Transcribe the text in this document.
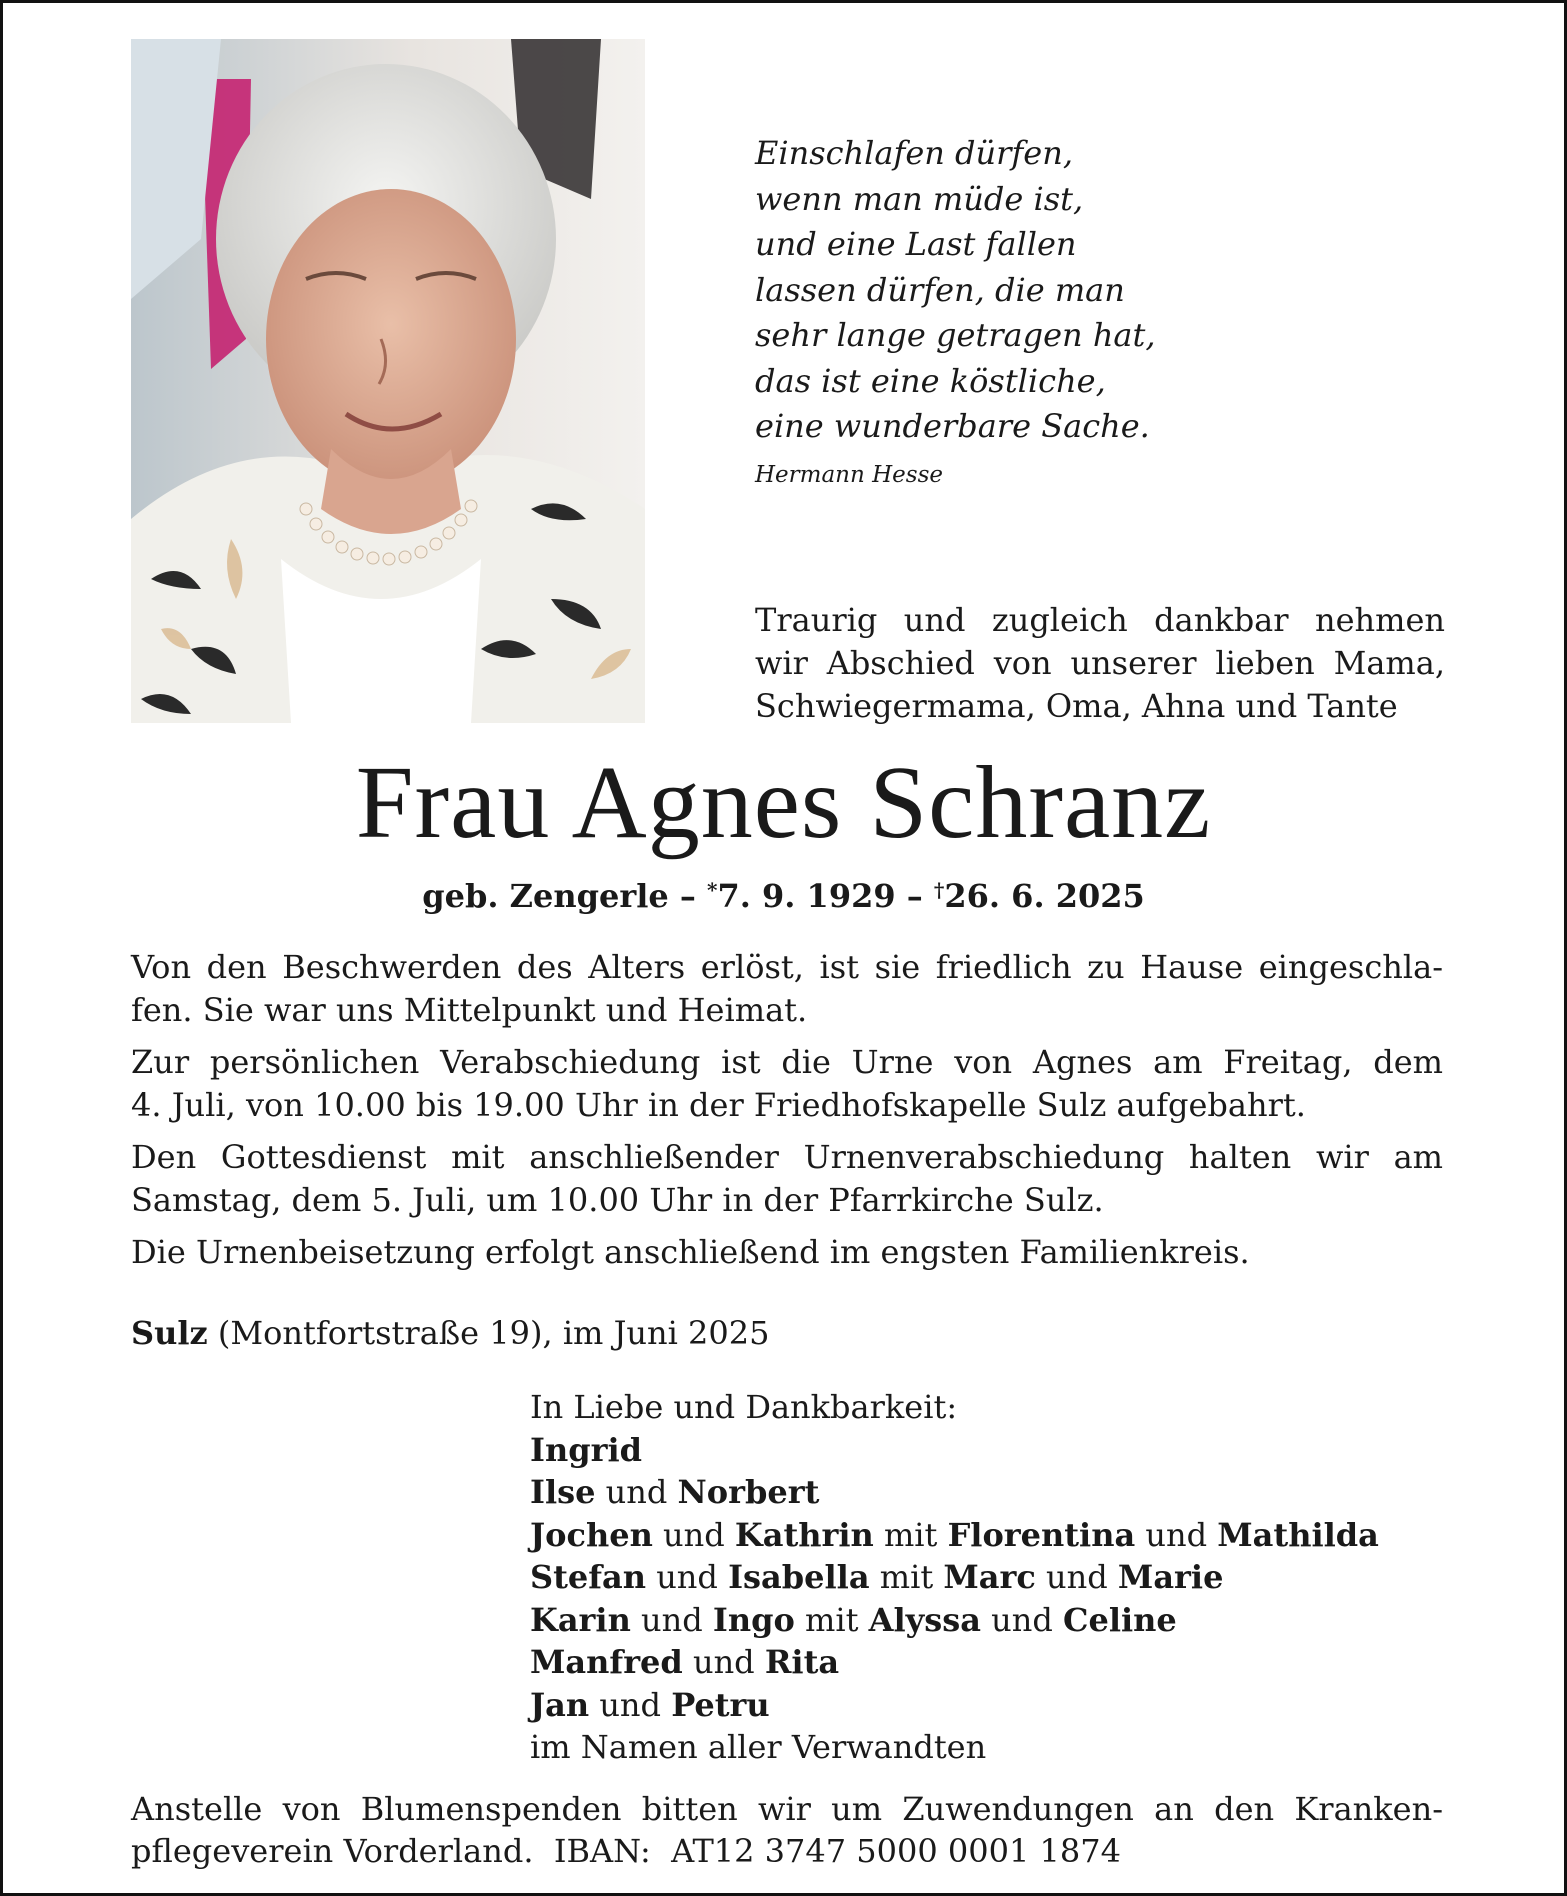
Einschlafen dürfen,
wenn man müde ist,
und eine Last fallen
lassen dürfen, die man
sehr lange getragen hat,
das ist eine köstliche,
eine wunderbare Sache.
Hermann Hesse
Traurig und zugleich dankbar nehmen
wir Abschied von unserer lieben Mama,
Schwiegermama, Oma, Ahna und Tante
Frau Agnes Schranz
geb. Zengerle – *7. 9. 1929 – †26. 6. 2025
Von den Beschwerden des Alters erlöst, ist sie friedlich zu Hause eingeschla-
fen. Sie war uns Mittelpunkt und Heimat.
Zur persönlichen Verabschiedung ist die Urne von Agnes am Freitag, dem
4. Juli, von 10.00 bis 19.00 Uhr in der Friedhofskapelle Sulz aufgebahrt.
Den Gottesdienst mit anschließender Urnenverabschiedung halten wir am
Samstag, dem 5. Juli, um 10.00 Uhr in der Pfarrkirche Sulz.
Die Urnenbeisetzung erfolgt anschließend im engsten Familienkreis.
Sulz (Montfortstraße 19), im Juni 2025
In Liebe und Dankbarkeit:
Ingrid
Ilse und Norbert
Jochen und Kathrin mit Florentina und Mathilda
Stefan und Isabella mit Marc und Marie
Karin und Ingo mit Alyssa und Celine
Manfred und Rita
Jan und Petru
im Namen aller Verwandten
Anstelle von Blumenspenden bitten wir um Zuwendungen an den Kranken-
pflegeverein Vorderland.  IBAN:  AT12 3747 5000 0001 1874
